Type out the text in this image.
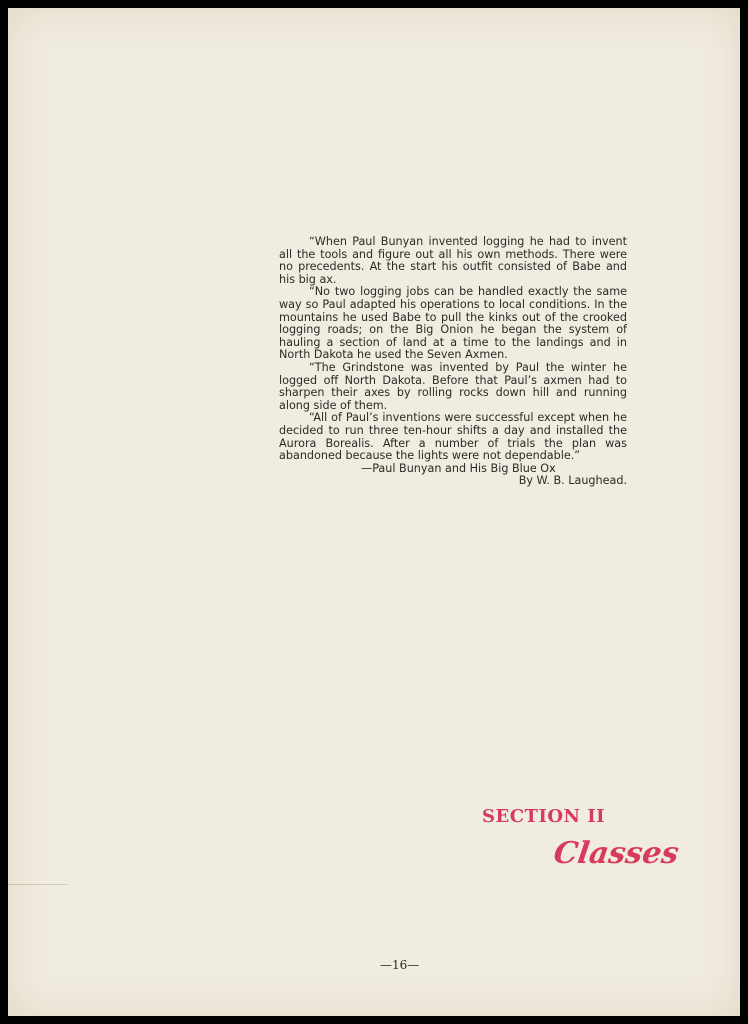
“When Paul Bunyan invented logging he had to invent all the tools and figure out all his own methods. There were no precedents. At the start his outfit consisted of Babe and his big ax.

“No two logging jobs can be handled exactly the same way so Paul adapted his operations to local conditions. In the mountains he used Babe to pull the kinks out of the crooked logging roads; on the Big Onion he began the system of hauling a section of land at a time to the landings and in North Dakota he used the Seven Axmen.

“The Grindstone was invented by Paul the winter he logged off North Dakota. Before that Paul’s axmen had to sharpen their axes by rolling rocks down hill and running along side of them.

“All of Paul’s inventions were successful except when he decided to run three ten-hour shifts a day and installed the Aurora Borealis. After a number of trials the plan was abandoned because the lights were not dependable.”

—Paul Bunyan and His Big Blue Ox
By W. B. Laughead.
SECTION II
Classes
—16—
